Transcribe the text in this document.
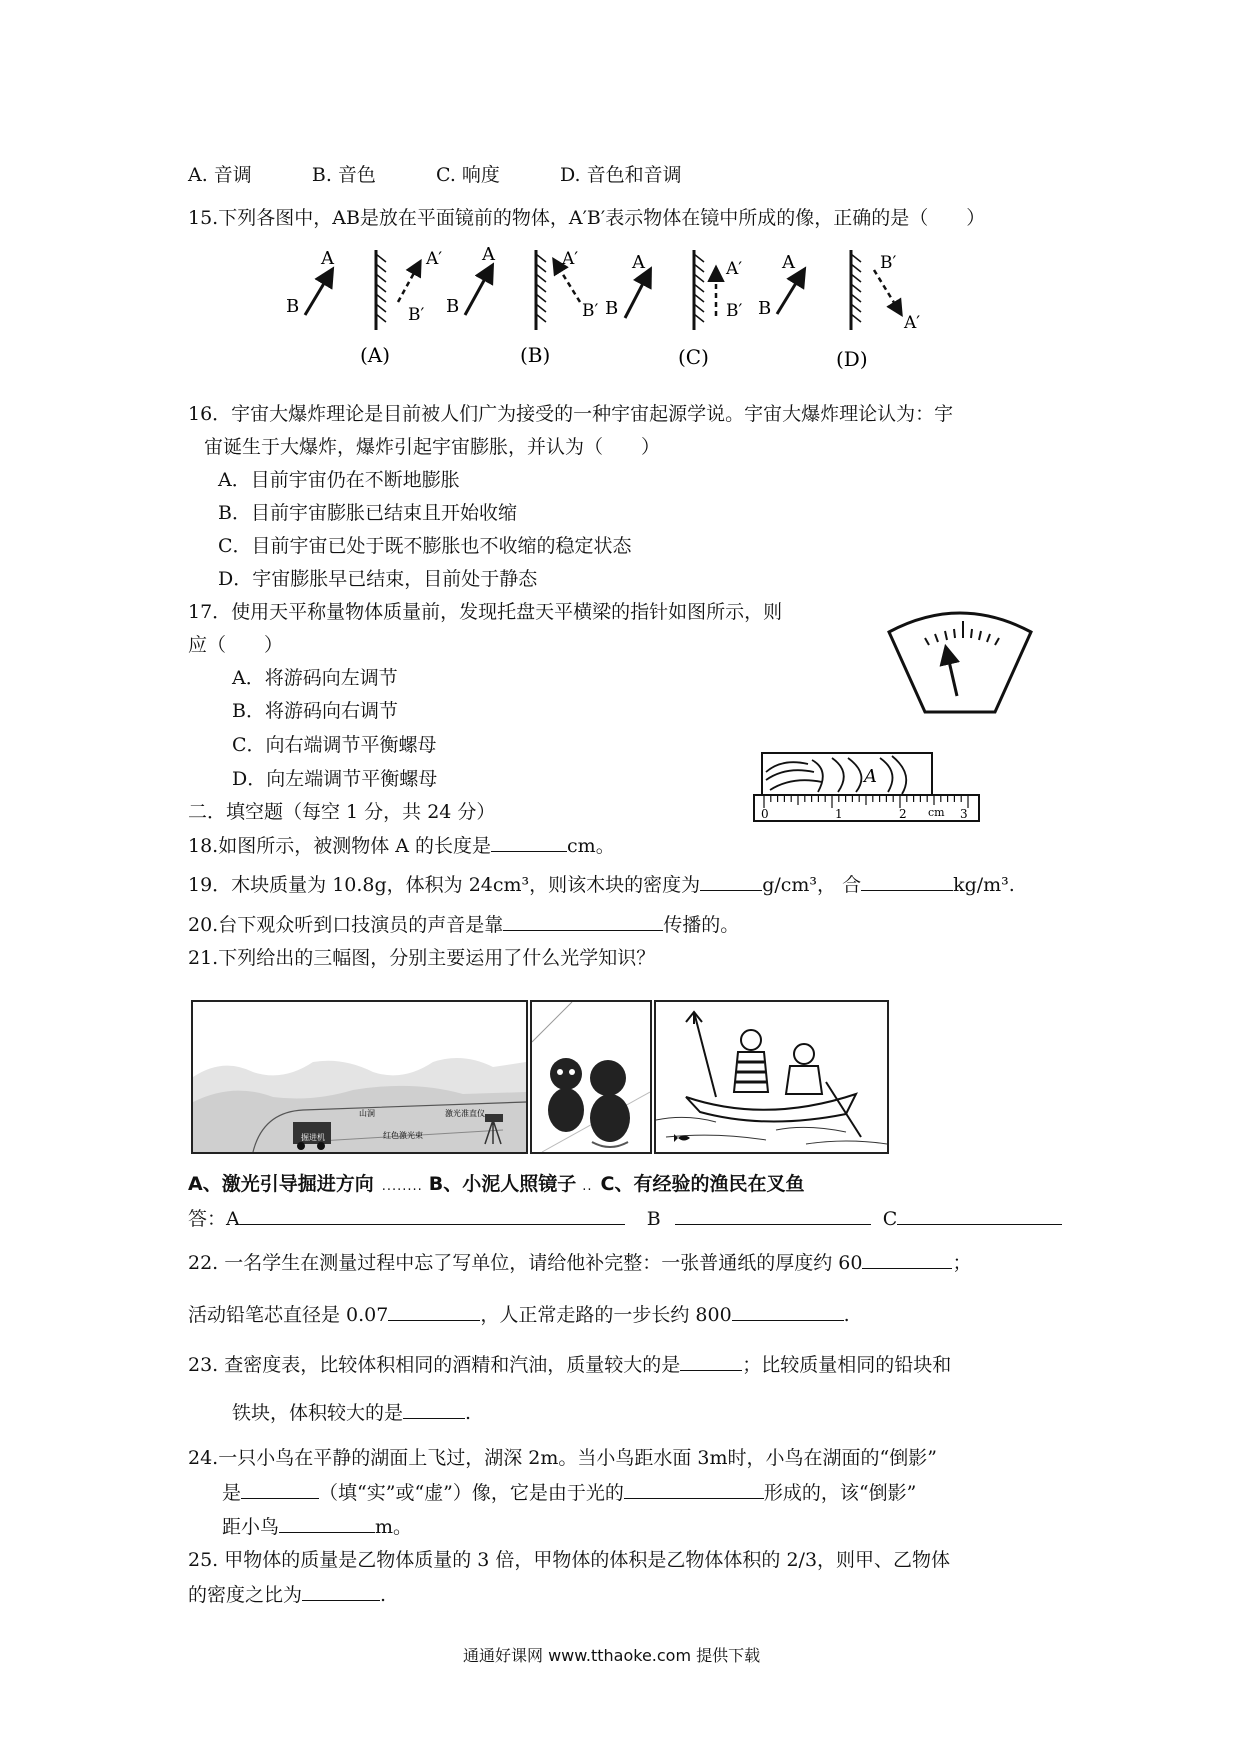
A. 音调	B. 音色	C. 响度	D. 音色和音调
15.下列各图中，AB是放在平面镜前的物体，A′B′表示物体在镜中所成的像，正确的是（　　）
B
A	A′
B′
(A)
B
A	A′
B′
(B)
B
A	A′
B′
(C)
B
A	B′
A′
(D)
16．宇宙大爆炸理论是目前被人们广为接受的一种宇宙起源学说。宇宙大爆炸理论认为：宇
宙诞生于大爆炸，爆炸引起宇宙膨胀，并认为（　　）
A．目前宇宙仍在不断地膨胀
B．目前宇宙膨胀已结束且开始收缩
C．目前宇宙已处于既不膨胀也不收缩的稳定状态
D．宇宙膨胀早已结束，目前处于静态
17．使用天平称量物体质量前，发现托盘天平横梁的指针如图所示，则
应（　　）
A．将游码向左调节
B．将游码向右调节
C．向右端调节平衡螺母
D．向左端调节平衡螺母
二．填空题（每空 1 分，共 24 分）
A
0	1	2 cm 3
18.如图所示，被测物体 A 的长度是	cm。
19．木块质量为 10.8g，体积为 24cm³，则该木块的密度为	g/cm³， 合	kg/m³.
20.台下观众听到口技演员的声音是靠	传播的。
21.下列给出的三幅图，分别主要运用了什么光学知识？
山洞	激光准直仪
红色激光束
掘进机
A、激光引导掘进方向 ........ B、小泥人照镜子 .. C、有经验的渔民在叉鱼
答：A	B	C
22. 一名学生在测量过程中忘了写单位，请给他补完整：一张普通纸的厚度约 60	；
活动铅笔芯直径是 0.07	，人正常走路的一步长约 800	.
23. 查密度表，比较体积相同的酒精和汽油，质量较大的是	；比较质量相同的铅块和
铁块，体积较大的是	.
24.一只小鸟在平静的湖面上飞过，湖深 2m。当小鸟距水面 3m时，小鸟在湖面的“倒影”
是	（填“实”或“虚”）像，它是由于光的	形成的，该“倒影”
距小鸟	m。
25. 甲物体的质量是乙物体质量的 3 倍，甲物体的体积是乙物体体积的 2/3，则甲、乙物体
的密度之比为	.
通通好课网 www.tthaoke.com 提供下载
